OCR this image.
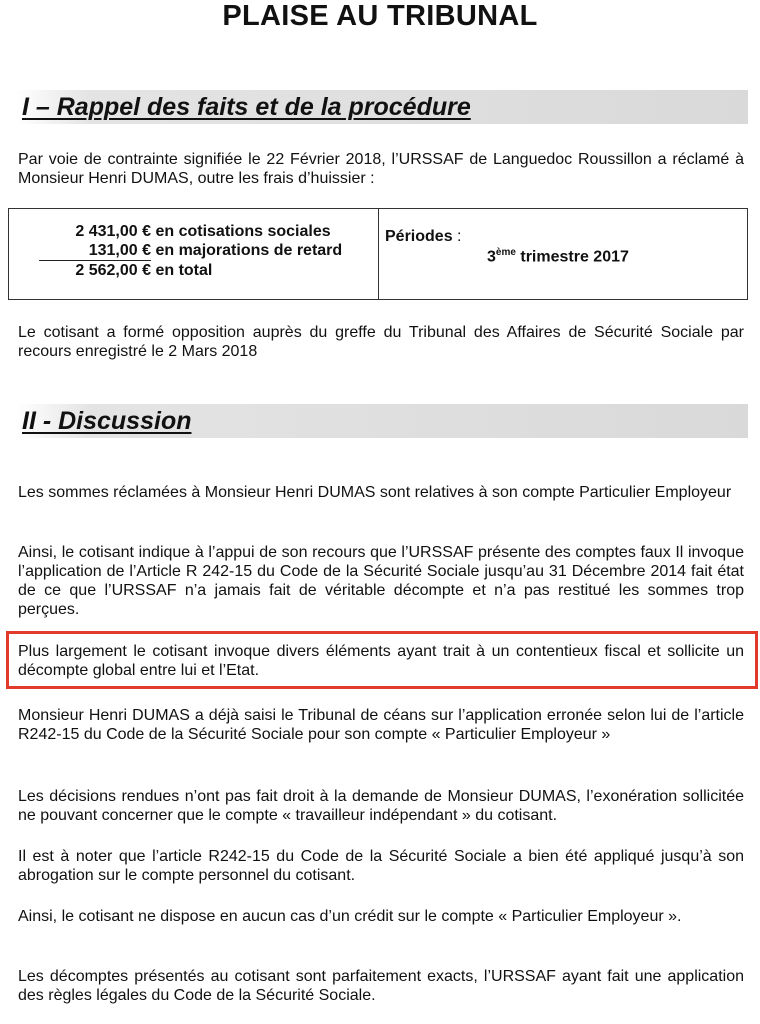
PLAISE AU TRIBUNAL
I – Rappel des faits et de la procédure

Par voie de contrainte signifiée le 22 Février 2018, l’URSSAF de Languedoc Roussillon a réclamé à Monsieur Henri DUMAS, outre les frais d’huissier :

2 431,00 € en cotisations sociales
131,00 € en majorations de retard
2 562,00 € en total
Périodes :
3ème trimestre 2017

Le cotisant a formé opposition auprès du greffe du Tribunal des Affaires de Sécurité Sociale par recours enregistré le 2 Mars 2018

II - Discussion

Les sommes réclamées à Monsieur Henri DUMAS sont relatives à son compte Particulier Employeur

Ainsi, le cotisant indique à l’appui de son recours que l’URSSAF présente des comptes faux Il invoque l’application de l’Article R 242-15 du Code de la Sécurité Sociale jusqu’au 31 Décembre 2014 fait état de ce que l’URSSAF n’a jamais fait de véritable décompte et n’a pas restitué les sommes trop perçues.

Plus largement le cotisant invoque divers éléments ayant trait à un contentieux fiscal et sollicite un décompte global entre lui et l’Etat.

Monsieur Henri DUMAS a déjà saisi le Tribunal de céans sur l’application erronée selon lui de l’article R242-15 du Code de la Sécurité Sociale pour son compte « Particulier Employeur »

Les décisions rendues n’ont pas fait droit à la demande de Monsieur DUMAS, l’exonération sollicitée ne pouvant concerner que le compte « travailleur indépendant » du cotisant.

Il est à noter que l’article R242-15 du Code de la Sécurité Sociale a bien été appliqué jusqu’à son abrogation sur le compte personnel du cotisant.

Ainsi, le cotisant ne dispose en aucun cas d’un crédit sur le compte « Particulier Employeur ».

Les décomptes présentés au cotisant sont parfaitement exacts, l’URSSAF ayant fait une application des règles légales du Code de la Sécurité Sociale.
